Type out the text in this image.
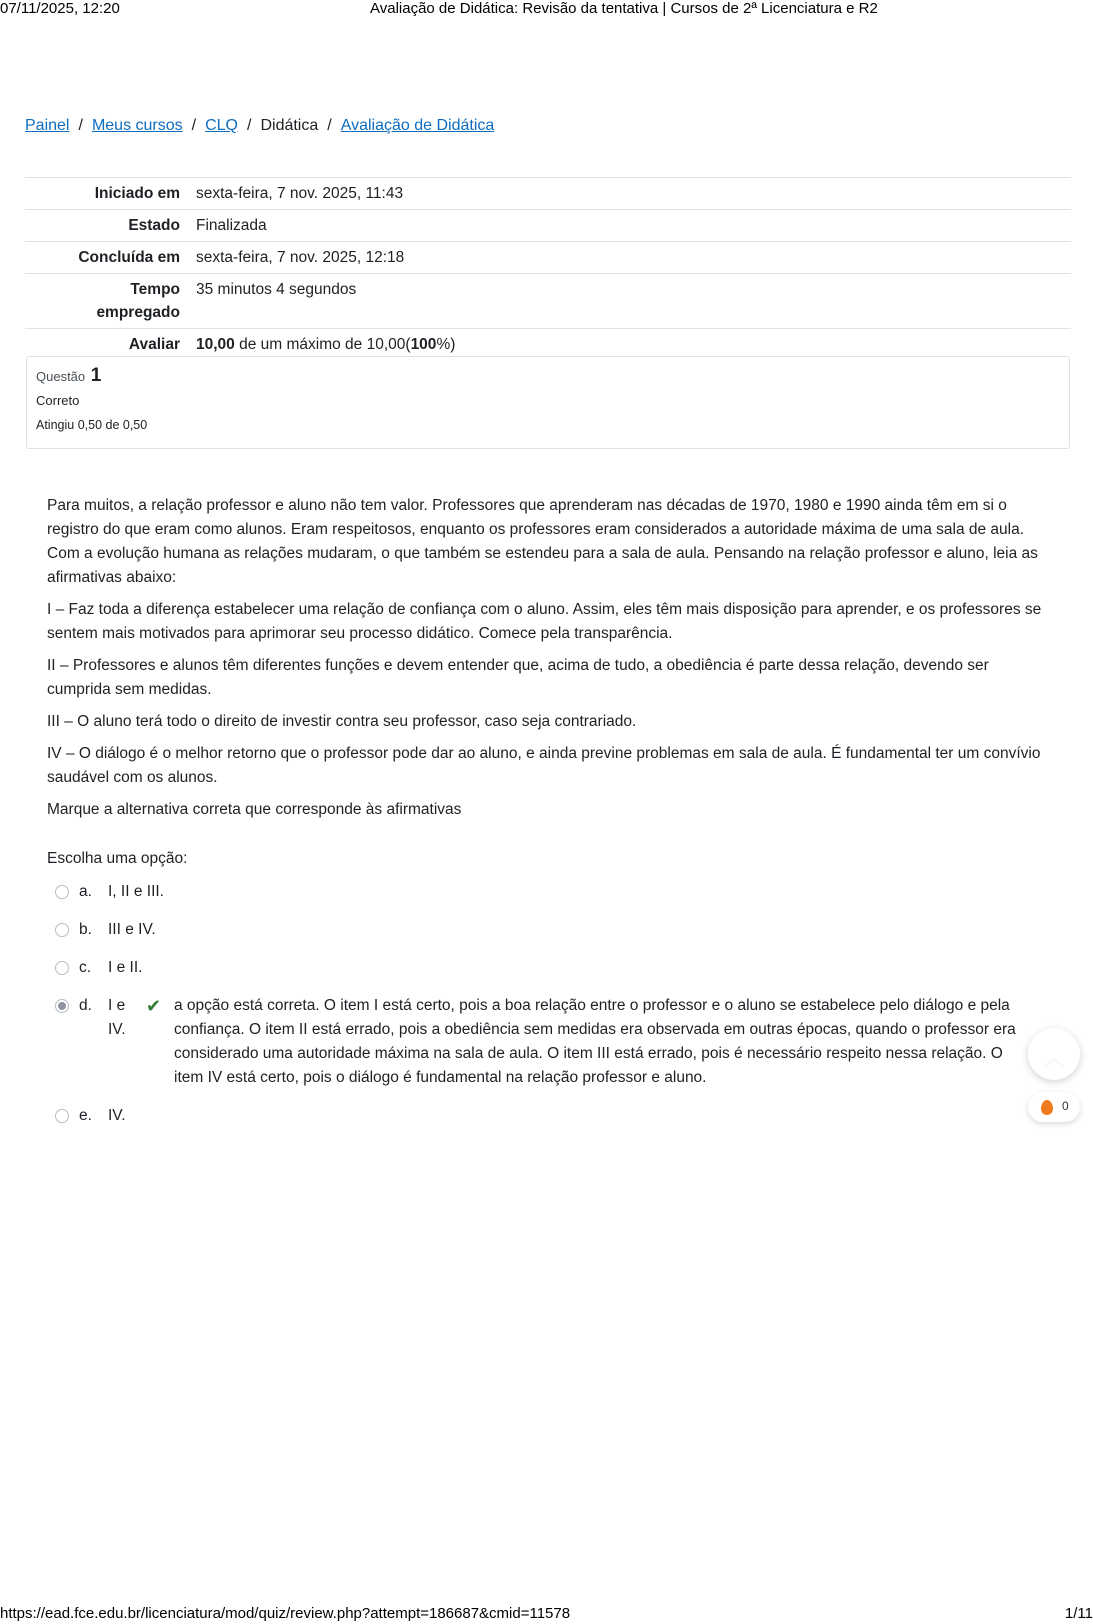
07/11/2025, 12:20	Avaliação de Didática: Revisão da tentativa | Cursos de 2ª Licenciatura e R2
Painel / Meus cursos / CLQ / Didática / Avaliação de Didática
Iniciado em	sexta-feira, 7 nov. 2025, 11:43
Estado	Finalizada
Concluída em	sexta-feira, 7 nov. 2025, 12:18
Tempo
empregado	35 minutos 4 segundos
Avaliar	10,00 de um máximo de 10,00(100%)
Questão 1
Correto
Atingiu 0,50 de 0,50

Para muitos, a relação professor e aluno não tem valor. Professores que aprenderam nas décadas de 1970, 1980 e 1990 ainda têm em si o registro do que eram como alunos. Eram respeitosos, enquanto os professores eram considerados a autoridade máxima de uma sala de aula. Com a evolução humana as relações mudaram, o que também se estendeu para a sala de aula. Pensando na relação professor e aluno, leia as afirmativas abaixo:

I – Faz toda a diferença estabelecer uma relação de confiança com o aluno. Assim, eles têm mais disposição para aprender, e os professores se sentem mais motivados para aprimorar seu processo didático. Comece pela transparência.

II – Professores e alunos têm diferentes funções e devem entender que, acima de tudo, a obediência é parte dessa relação, devendo ser cumprida sem medidas.

III – O aluno terá todo o direito de investir contra seu professor, caso seja contrariado.

IV – O diálogo é o melhor retorno que o professor pode dar ao aluno, e ainda previne problemas em sala de aula. É fundamental ter um convívio saudável com os alunos.

Marque a alternativa correta que corresponde às afirmativas

Escolha uma opção:
a.	I, II e III.
b.	III e IV.
c.	I e II.
d.	I e IV.
✔ a opção está correta. O item I está certo, pois a boa relação entre o professor e o aluno se estabelece pelo diálogo e pela confiança. O item II está errado, pois a obediência sem medidas era observada em outras épocas, quando o professor era considerado uma autoridade máxima na sala de aula. O item III está errado, pois é necessário respeito nessa relação. O item IV está certo, pois o diálogo é fundamental na relação professor e aluno.
e.	IV.
︿
0
https://ead.fce.edu.br/licenciatura/mod/quiz/review.php?attempt=186687&cmid=11578	1/11
